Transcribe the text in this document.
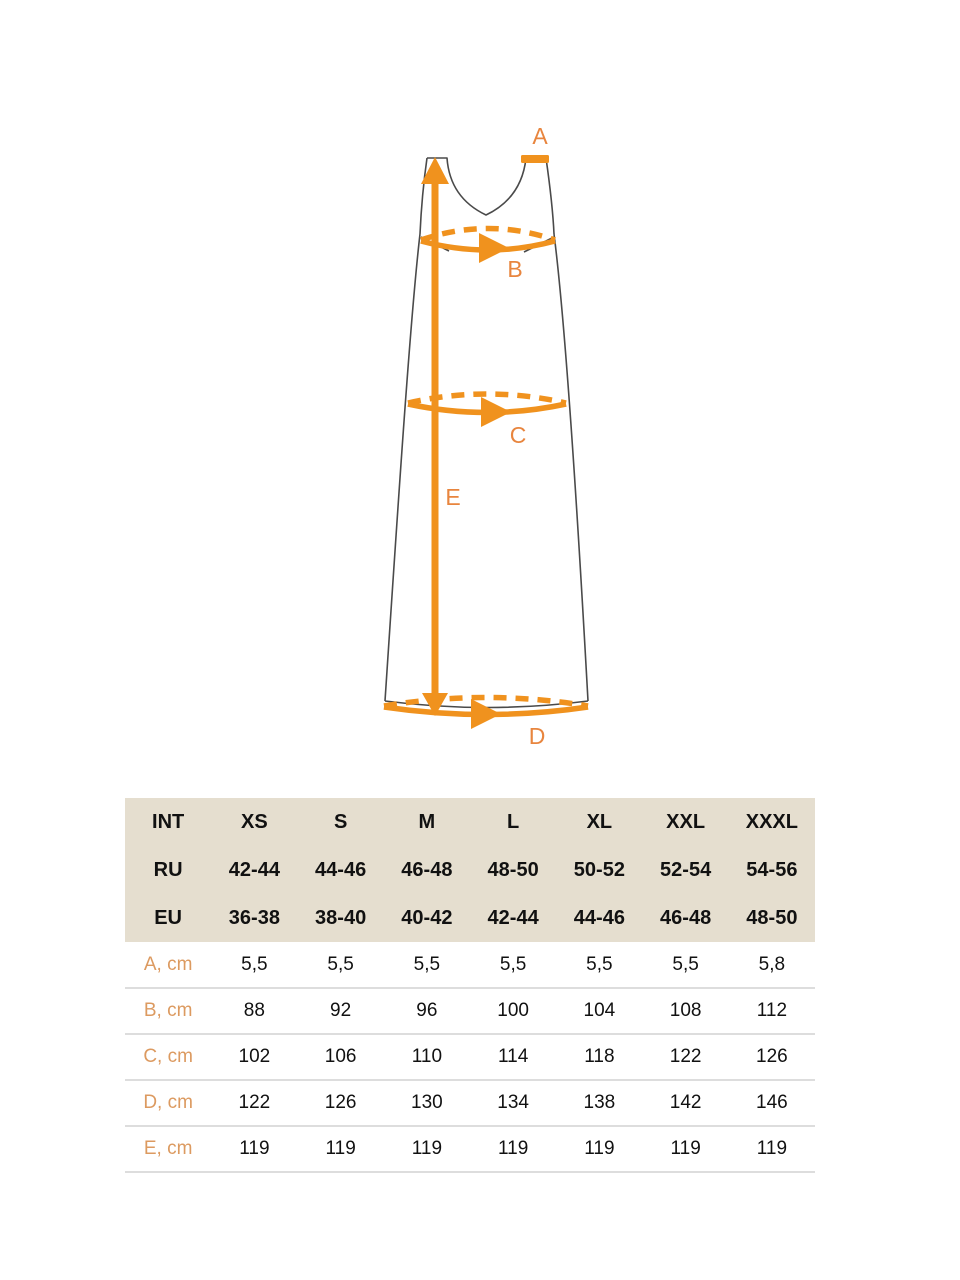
A
E
B
C
D
INT	XS	S	M	L	XL	XXL	XXXL
RU	42-44	44-46	46-48	48-50	50-52	52-54	54-56
EU	36-38	38-40	40-42	42-44	44-46	46-48	48-50
A, cm	5,5	5,5	5,5	5,5	5,5	5,5	5,8
B, cm	88	92	96	100	104	108	112
C, cm	102	106	110	114	118	122	126
D, cm	122	126	130	134	138	142	146
E, cm	119	119	119	119	119	119	119
